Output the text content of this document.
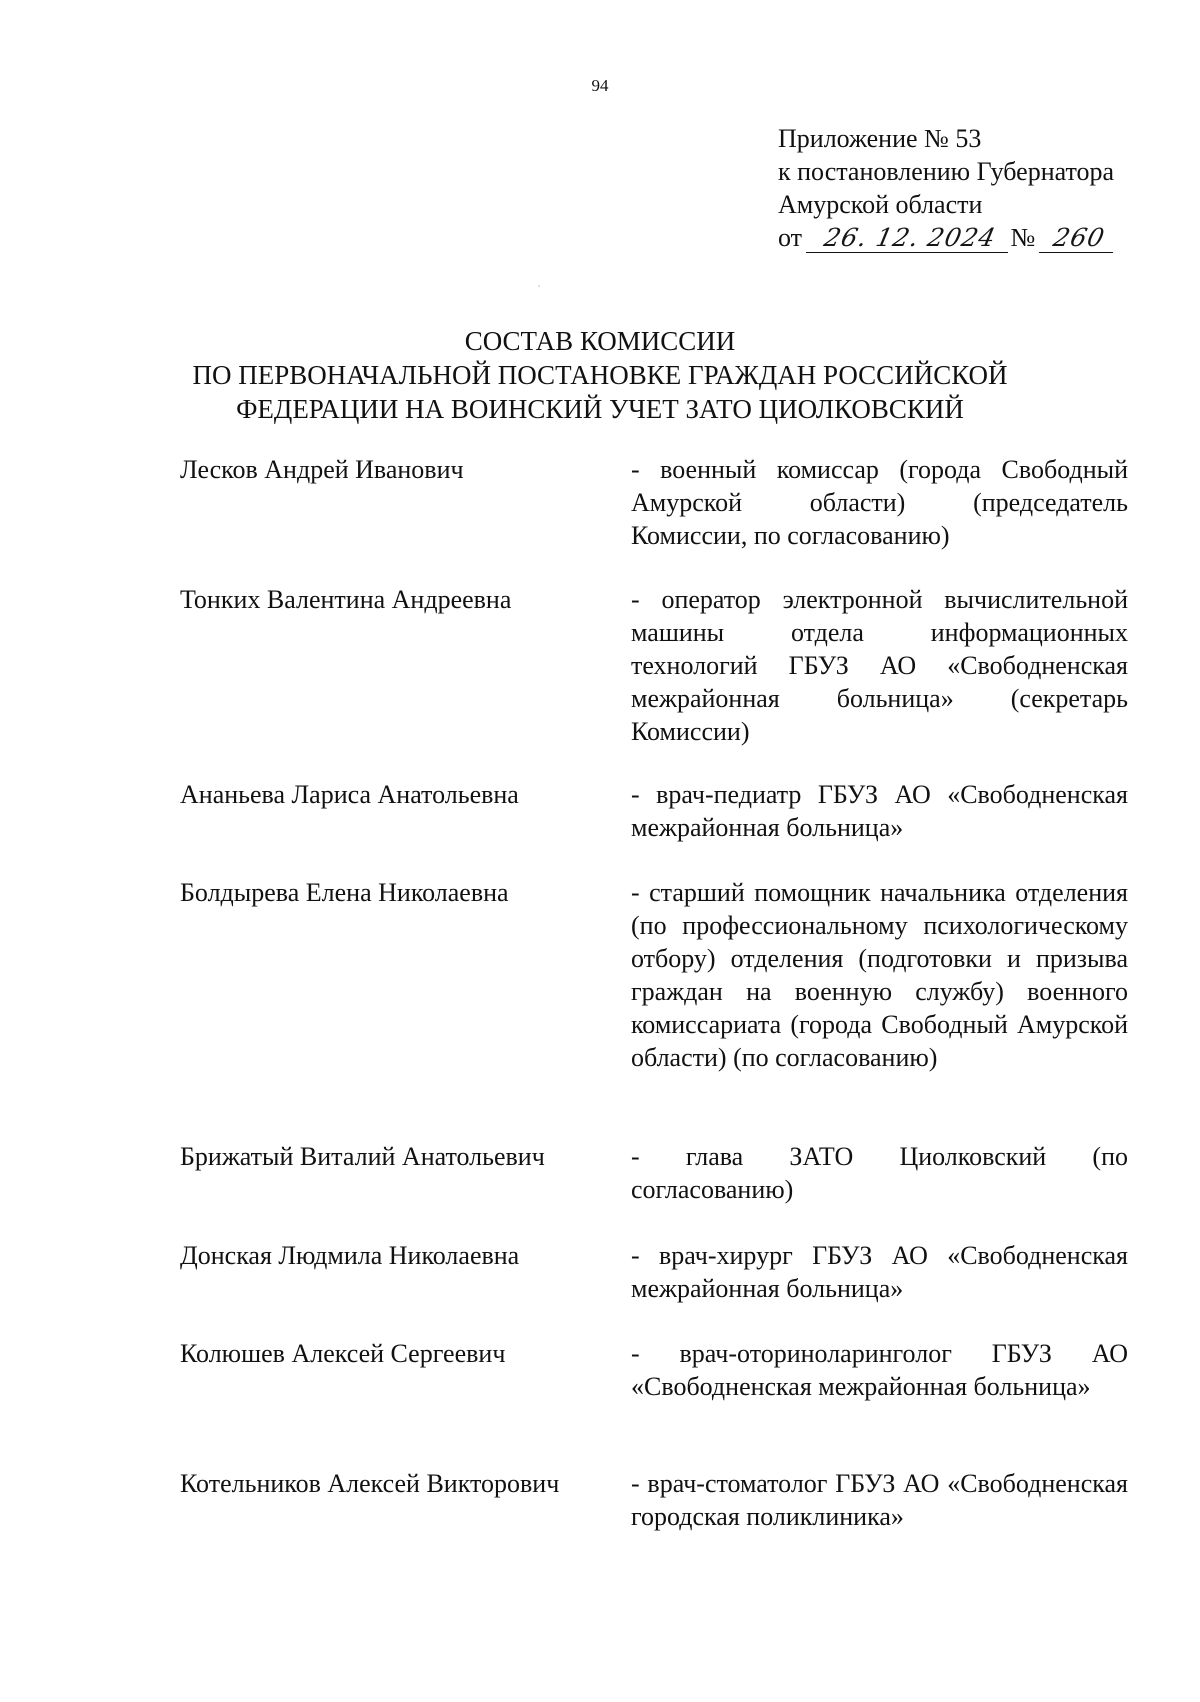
94
Приложение № 53
к постановлению Губернатора
Амурской области
от 26. 12. 2024 № 260
СОСТАВ КОМИССИИ
ПО ПЕРВОНАЧАЛЬНОЙ ПОСТАНОВКЕ ГРАЖДАН РОССИЙСКОЙ
ФЕДЕРАЦИИ НА ВОИНСКИЙ УЧЕТ ЗАТО ЦИОЛКОВСКИЙ
Лесков Андрей Иванович	- военный комиссар (города Свободный Амурской области) (председатель Комиссии, по согласованию)
Тонких Валентина Андреевна	- оператор электронной вычислительной машины отдела информационных технологий ГБУЗ АО «Свободненская межрайонная больница» (секретарь Комиссии)
Ананьева Лариса Анатольевна	- врач-педиатр ГБУЗ АО «Свободненская межрайонная больница»
Болдырева Елена Николаевна	- старший помощник начальника отделения (по профессиональному психологическому отбору) отделения (подготовки и призыва граждан на военную службу) военного комиссариата (города Свободный Амурской области) (по согласованию)
Брижатый Виталий Анатольевич	- глава ЗАТО Циолковский (по согласованию)
Донская Людмила Николаевна	- врач-хирург ГБУЗ АО «Свободненская межрайонная больница»
Колюшев Алексей Сергеевич	- врач-оториноларинголог ГБУЗ АО «Свободненская межрайонная больница»
Котельников Алексей Викторович	- врач-стоматолог ГБУЗ АО «Свободненская городская поликлиника»
